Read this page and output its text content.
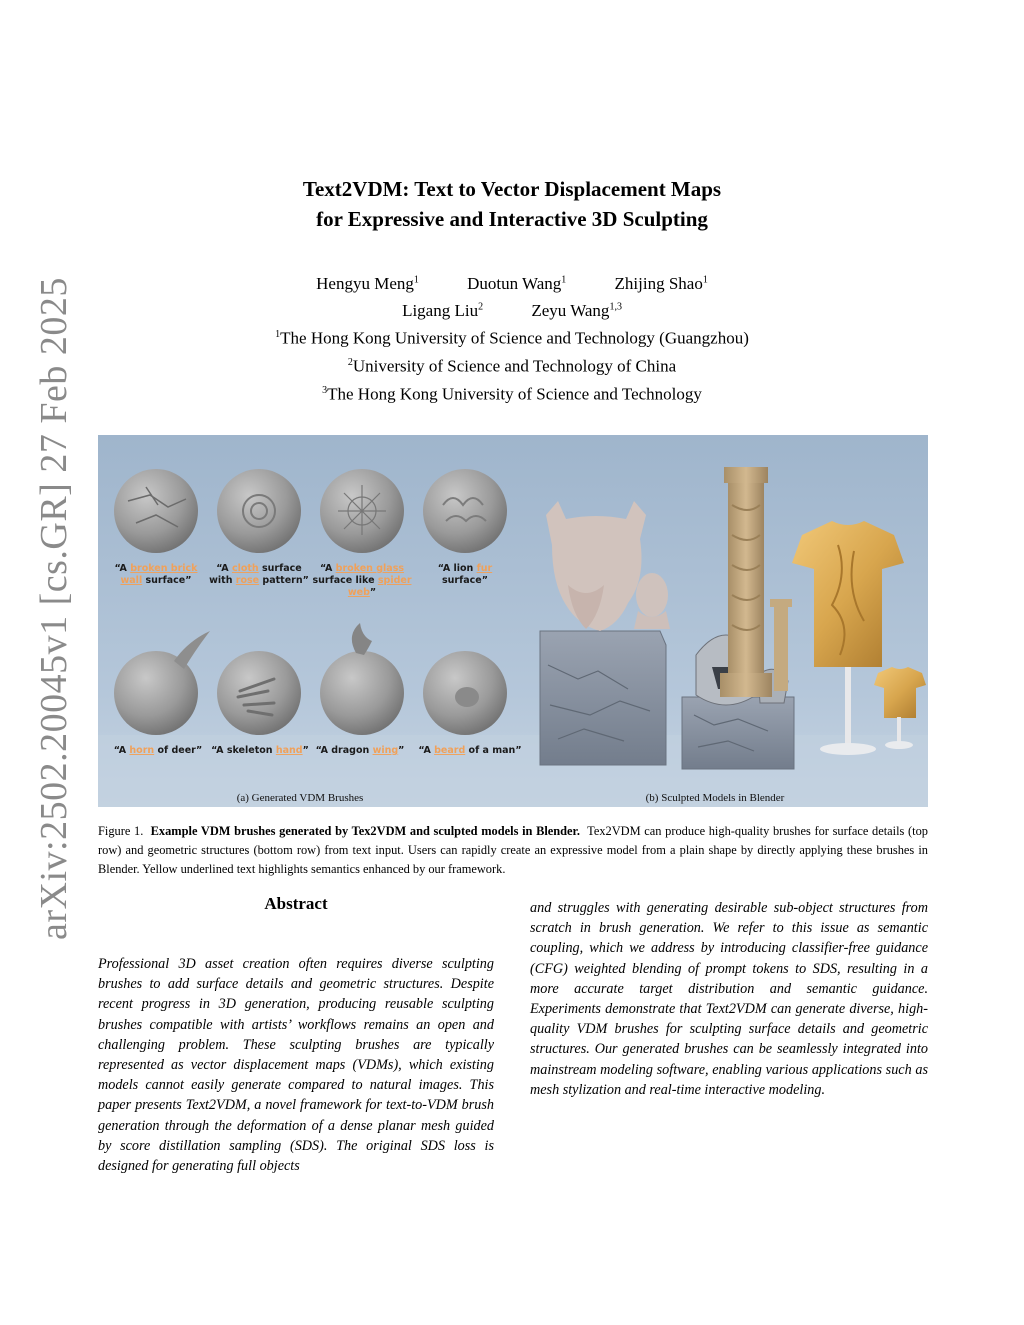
arXiv:2502.20045v1 [cs.GR] 27 Feb 2025
Text2VDM: Text to Vector Displacement Maps
for Expressive and Interactive 3D Sculpting
Hengyu Meng$^1$	Duotun Wang$^1$	Zhijing Shao$^1$
Ligang Liu$^2$	Zeyu Wang$^{1,3}$
$^1$The Hong Kong University of Science and Technology (Guangzhou)
$^2$University of Science and Technology of China
$^3$The Hong Kong University of Science and Technology
“A broken brick
wall surface”
“A cloth surface
with rose pattern”
“A broken glass
surface like spider
web”
“A lion fur
surface”
“A horn of deer” “A skeleton hand” “A dragon wing” “A beard of a man”
(a) Generated VDM Brushes	(b) Sculpted Models in Blender
Figure 1. Example VDM brushes generated by Tex2VDM and sculpted models in Blender. Tex2VDM can produce high-quality brushes for surface details (top row) and geometric structures (bottom row) from text input. Users can rapidly create an expressive model from a plain shape by directly applying these brushes in Blender. Yellow underlined text highlights semantics enhanced by our framework.
Abstract
Professional 3D asset creation often requires diverse sculpting brushes to add surface details and geometric structures. Despite recent progress in 3D generation, producing reusable sculpting brushes compatible with artists’ workflows remains an open and challenging problem. These sculpting brushes are typically represented as vector displacement maps (VDMs), which existing models cannot easily generate compared to natural images. This paper presents Text2VDM, a novel framework for text-to-VDM brush generation through the deformation of a dense planar mesh guided by score distillation sampling (SDS). The original SDS loss is designed for generating full objects
and struggles with generating desirable sub-object structures from scratch in brush generation. We refer to this issue as semantic coupling, which we address by introducing classifier-free guidance (CFG) weighted blending of prompt tokens to SDS, resulting in a more accurate target distribution and semantic guidance. Experiments demonstrate that Text2VDM can generate diverse, high-quality VDM brushes for sculpting surface details and geometric structures. Our generated brushes can be seamlessly integrated into mainstream modeling software, enabling various applications such as mesh stylization and real-time interactive modeling.
